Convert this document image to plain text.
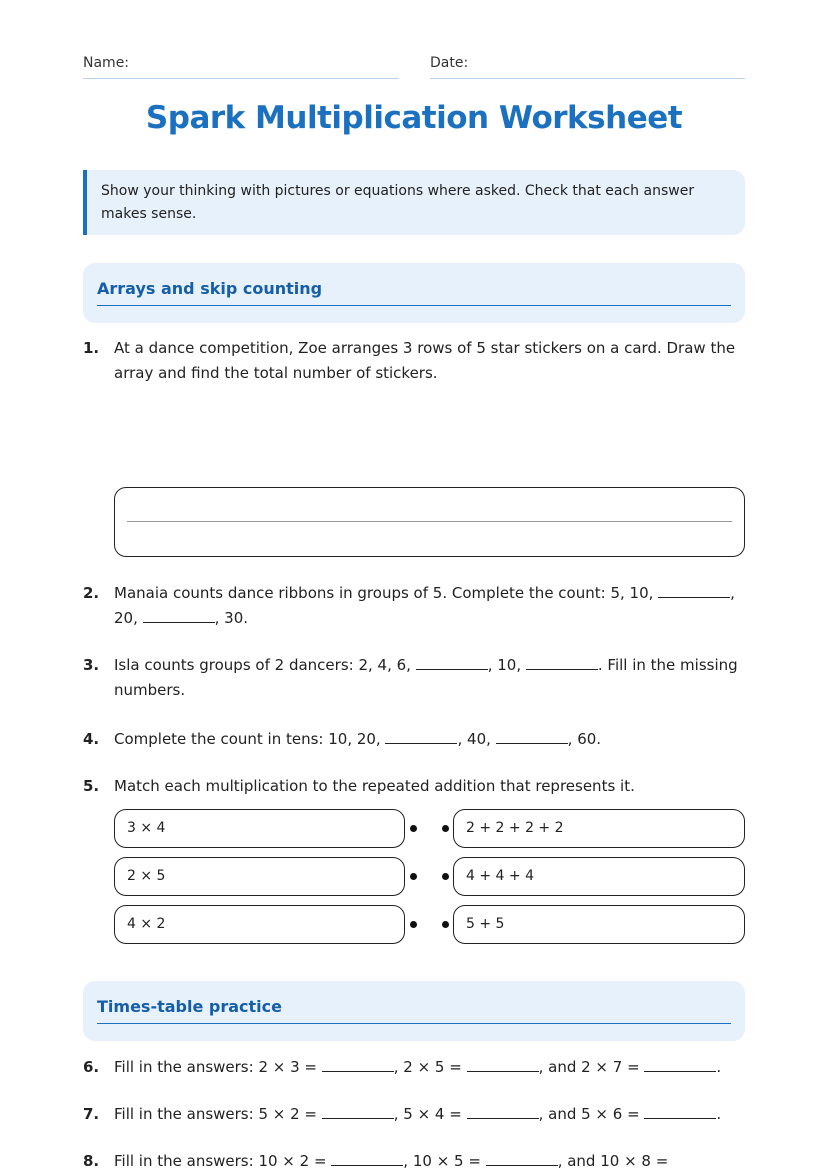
Name:	Date:
Spark Multiplication Worksheet
Show your thinking with pictures or equations where asked. Check that each answer makes sense.
Arrays and skip counting
1. At a dance competition, Zoe arranges 3 rows of 5 star stickers on a card. Draw the array and find the total number of stickers.
2. Manaia counts dance ribbons in groups of 5. Complete the count: 5, 10,	, 20,	, 30.
3. Isla counts groups of 2 dancers: 2, 4, 6,	, 10,	. Fill in the missing numbers.
4. Complete the count in tens: 10, 20,	, 40,	, 60.
5. Match each multiplication to the repeated addition that represents it.
3 × 4	2 + 2 + 2 + 2
2 × 5	4 + 4 + 4
4 × 2	5 + 5
Times-table practice
6. Fill in the answers: 2 × 3 =	, 2 × 5 =	, and 2 × 7 =	.
7. Fill in the answers: 5 × 2 =	, 5 × 4 =	, and 5 × 6 =	.
8. Fill in the answers: 10 × 2 =	, 10 × 5 =	, and 10 × 8 =
